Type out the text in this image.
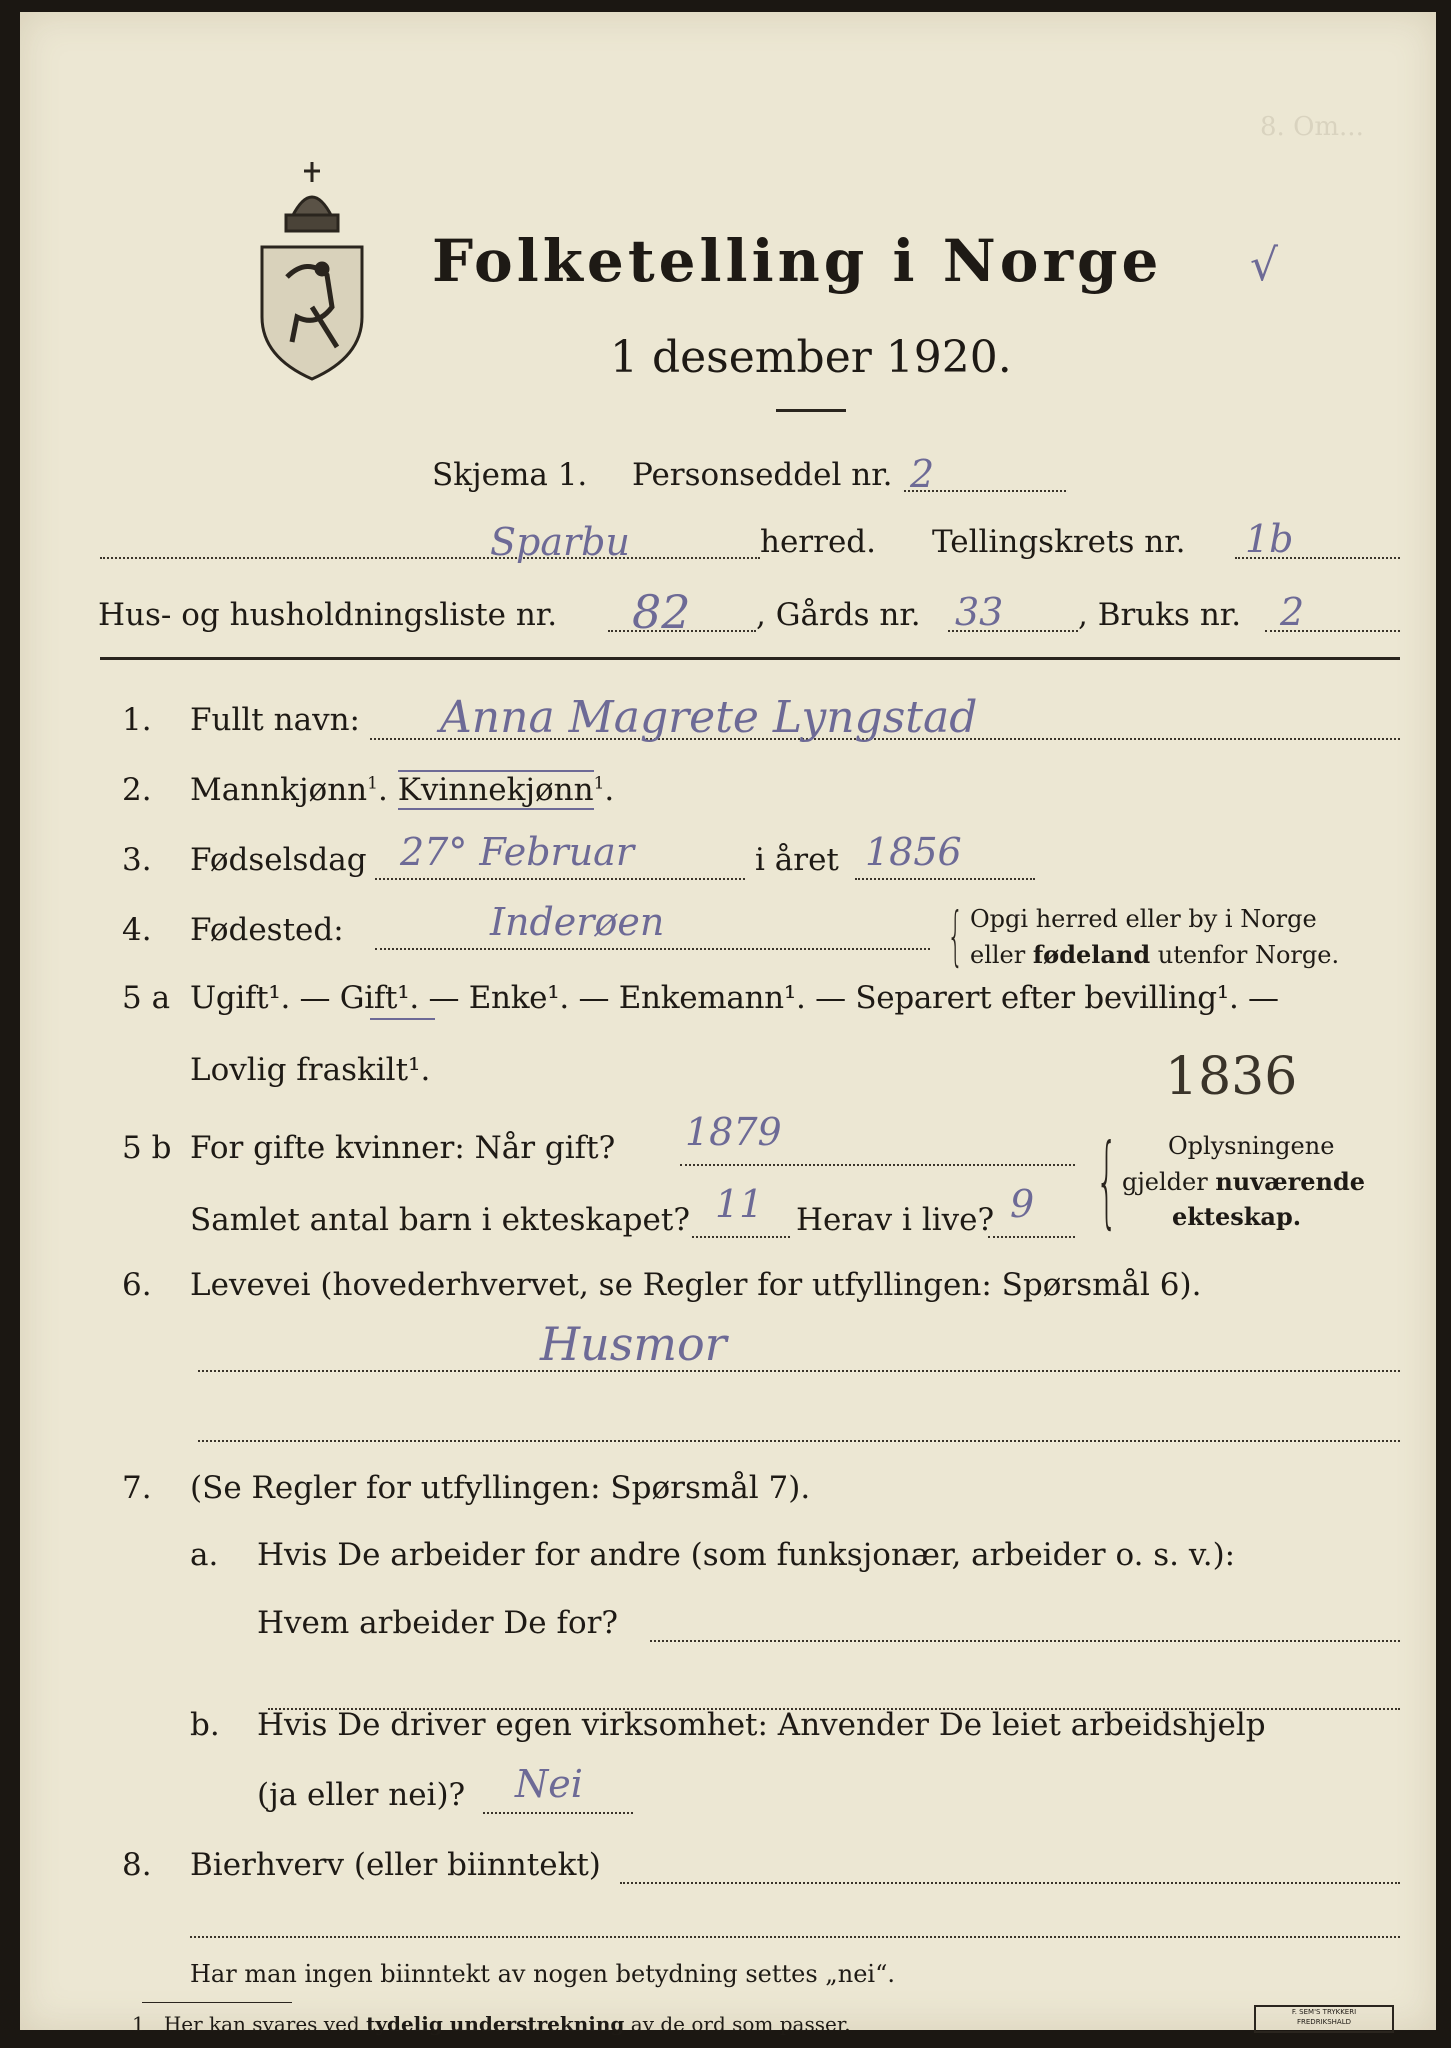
8. Om...
Folketelling i Norge √
1 desember 1920.
Skjema 1. Personseddel nr. 2
Sparbu	herred. Tellingskrets nr. 1b
Hus- og husholdningsliste nr. 82 , Gårds nr. 33 , Bruks nr. 2
1. Fullt navn: Anna Magrete Lyngstad
2. Mannkjønn$^1$. Kvinnekjønn$^1$.
3. Fødselsdag 27° Februar	i året 1856
4. Fødested:	Inderøen	{ Opgi herred eller by i Norge
eller fødeland utenfor Norge.
5 a Ugift¹. — Gift¹. — Enke¹. — Enkemann¹. — Separert efter bevilling¹. —
Lovlig fraskilt¹.	1836
5 b For gifte kvinner: Når gift? 1879
Samlet antal barn i ekteskapet? 11 Herav i live? 9 { Oplysningene
gjelder nuværende
ekteskap.
6. Levevei (hovederhvervet, se Regler for utfyllingen: Spørsmål 6).
Husmor
7. (Se Regler for utfyllingen: Spørsmål 7).
a. Hvis De arbeider for andre (som funksjonær, arbeider o. s. v.):
Hvem arbeider De for?
b. Hvis De driver egen virksomhet: Anvender De leiet arbeidshjelp
(ja eller nei)? Nei
8. Bierhverv (eller biinntekt)
Har man ingen biinntekt av nogen betydning settes „nei“.
1 Her kan svares ved tydelig understrekning av de ord som passer.	F. SEM'S TRYKKERI
FREDRIKSHALD
